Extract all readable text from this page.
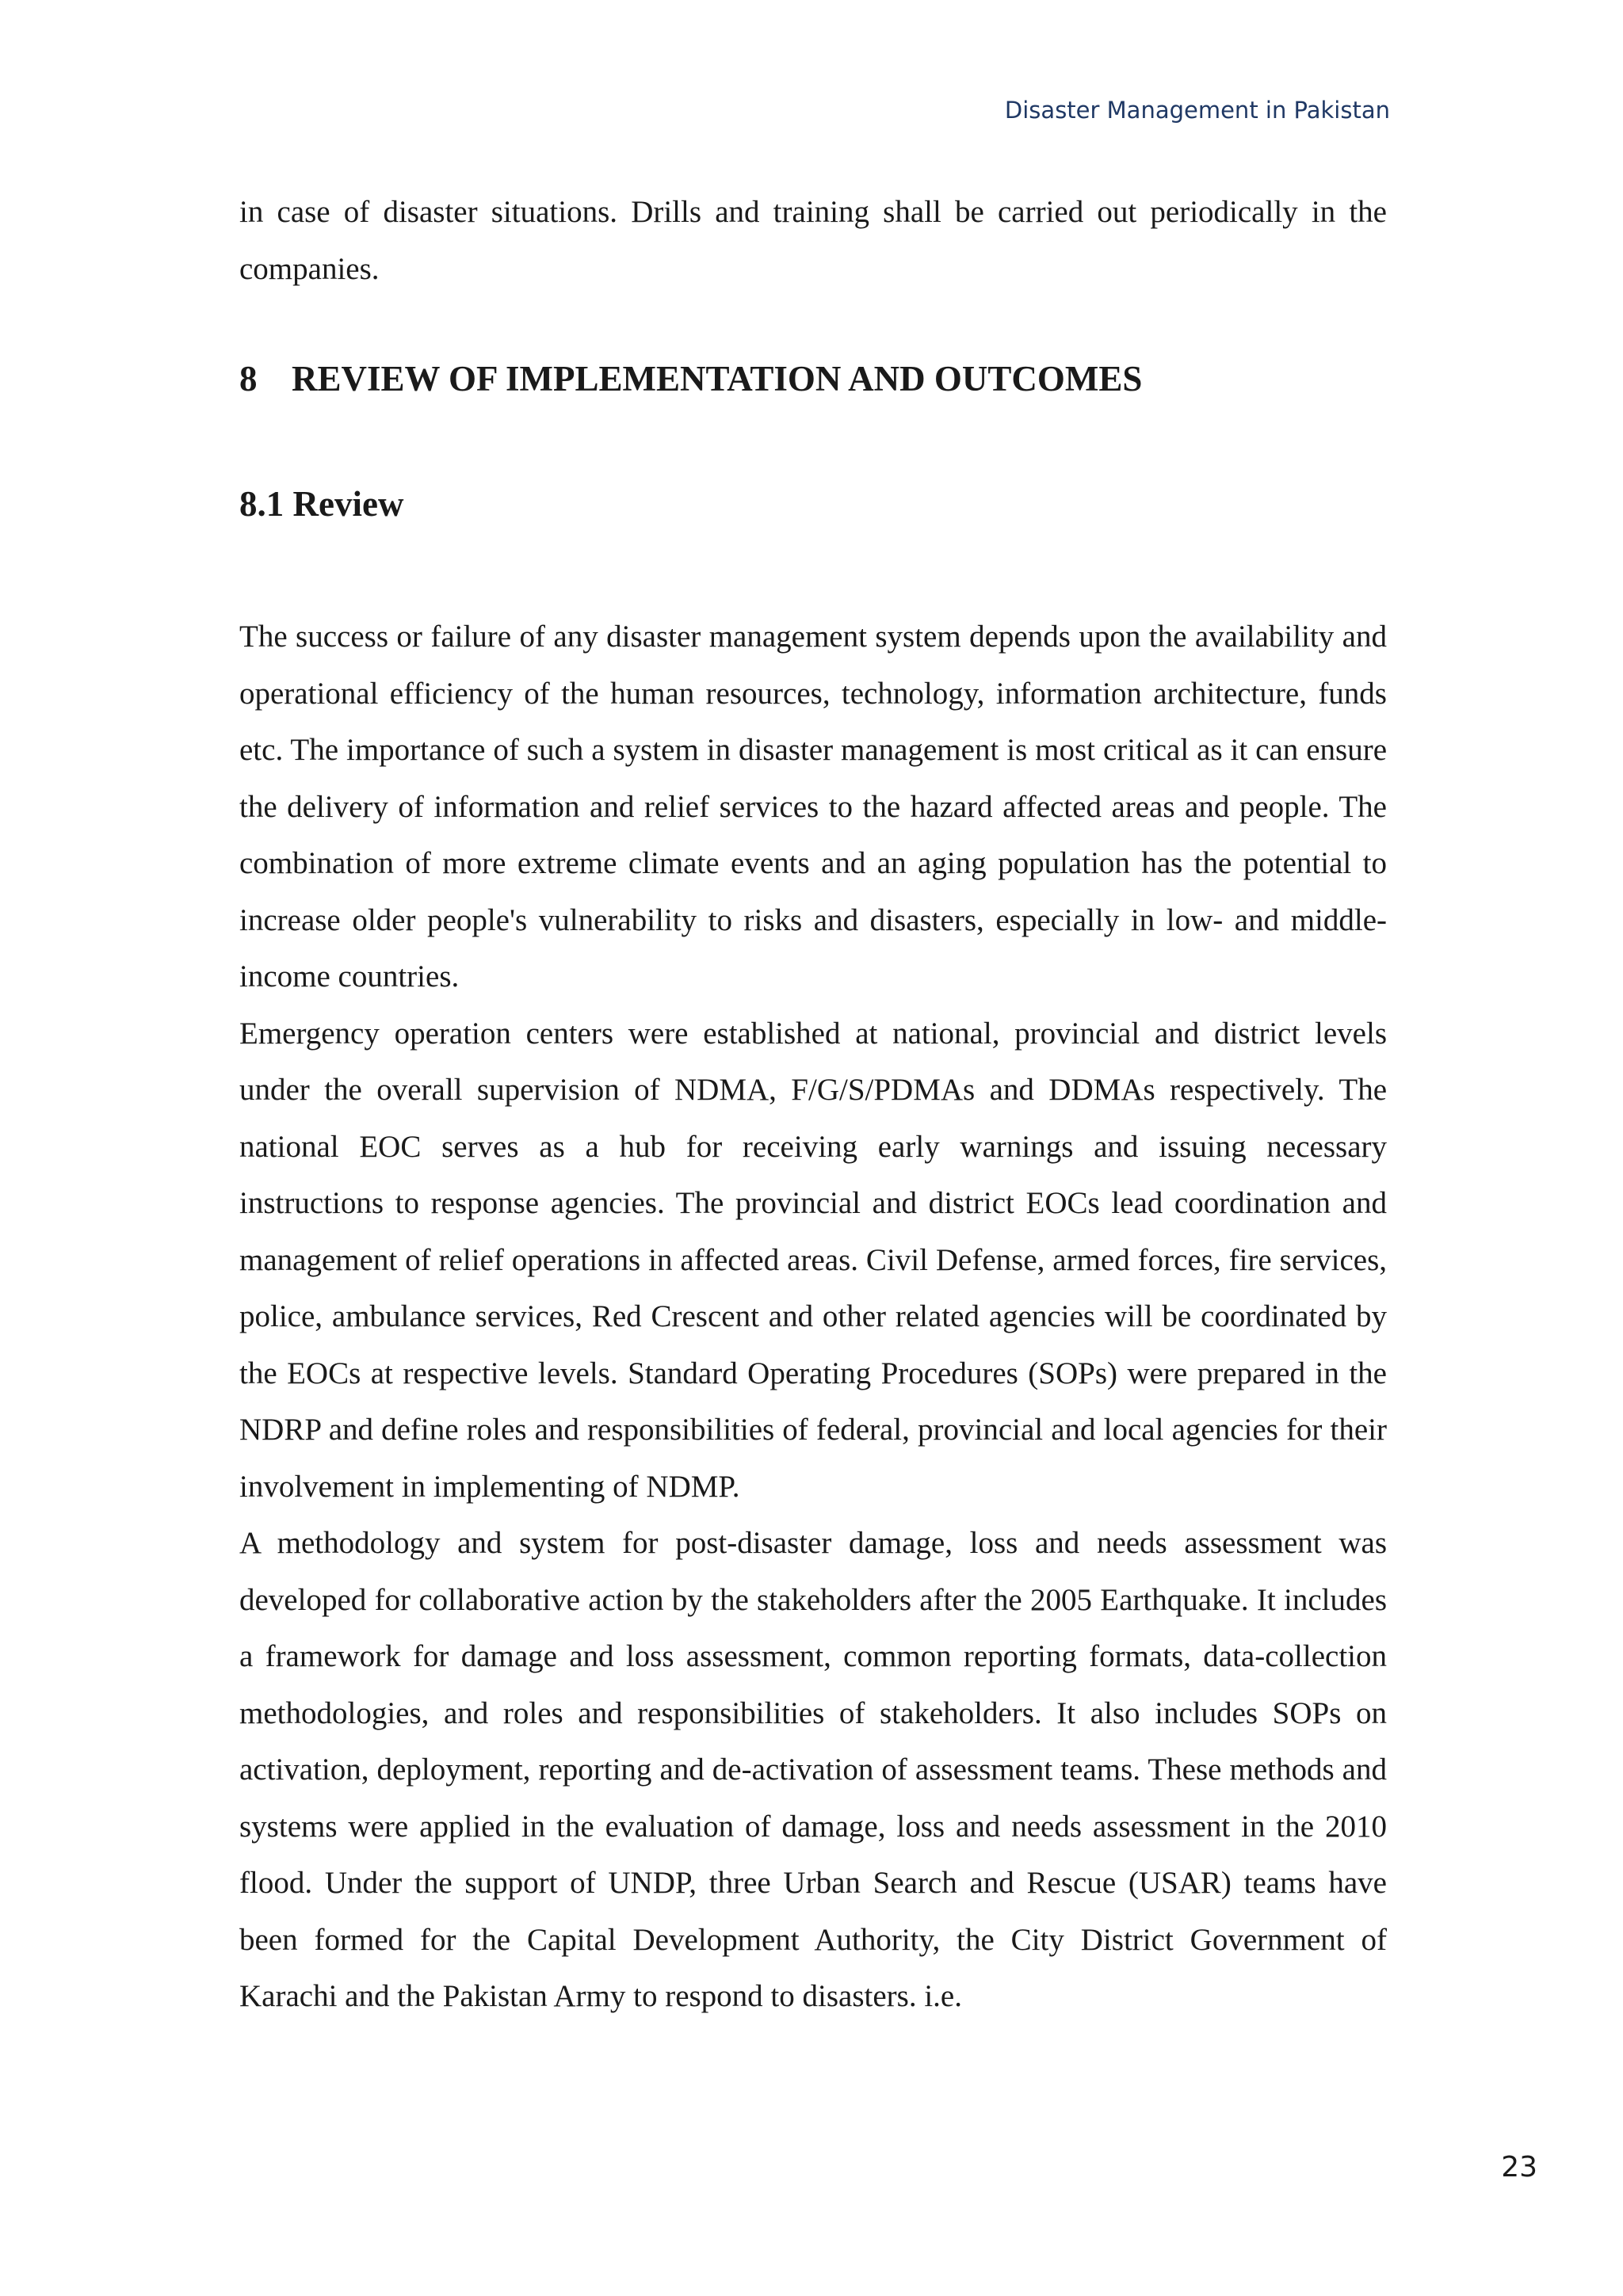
Disaster Management in Pakistan

in case of disaster situations. Drills and training shall be carried out periodically in the companies.

8 REVIEW OF IMPLEMENTATION AND OUTCOMES
8.1 Review

The success or failure of any disaster management system depends upon the availability and operational efficiency of the human resources, technology, information architecture, funds etc. The importance of such a system in disaster management is most critical as it can ensure the delivery of information and relief services to the hazard affected areas and people. The combination of more extreme climate events and an aging population has the potential to increase older people's vulnerability to risks and disasters, especially in low- and middle-income countries.

Emergency operation centers were established at national, provincial and district levels under the overall supervision of NDMA, F/G/S/PDMAs and DDMAs respectively. The national EOC serves as a hub for receiving early warnings and issuing necessary instructions to response agencies. The provincial and district EOCs lead coordination and management of relief operations in affected areas. Civil Defense, armed forces, fire services, police, ambulance services, Red Crescent and other related agencies will be coordinated by the EOCs at respective levels. Standard Operating Procedures (SOPs) were prepared in the NDRP and define roles and responsibilities of federal, provincial and local agencies for their involvement in implementing of NDMP.

A methodology and system for post-disaster damage, loss and needs assessment was developed for collaborative action by the stakeholders after the 2005 Earthquake. It includes a framework for damage and loss assessment, common reporting formats, data-collection methodologies, and roles and responsibilities of stakeholders. It also includes SOPs on activation, deployment, reporting and de-activation of assessment teams. These methods and systems were applied in the evaluation of damage, loss and needs assessment in the 2010 flood. Under the support of UNDP, three Urban Search and Rescue (USAR) teams have been formed for the Capital Development Authority, the City District Government of Karachi and the Pakistan Army to respond to disasters. i.e.

23
